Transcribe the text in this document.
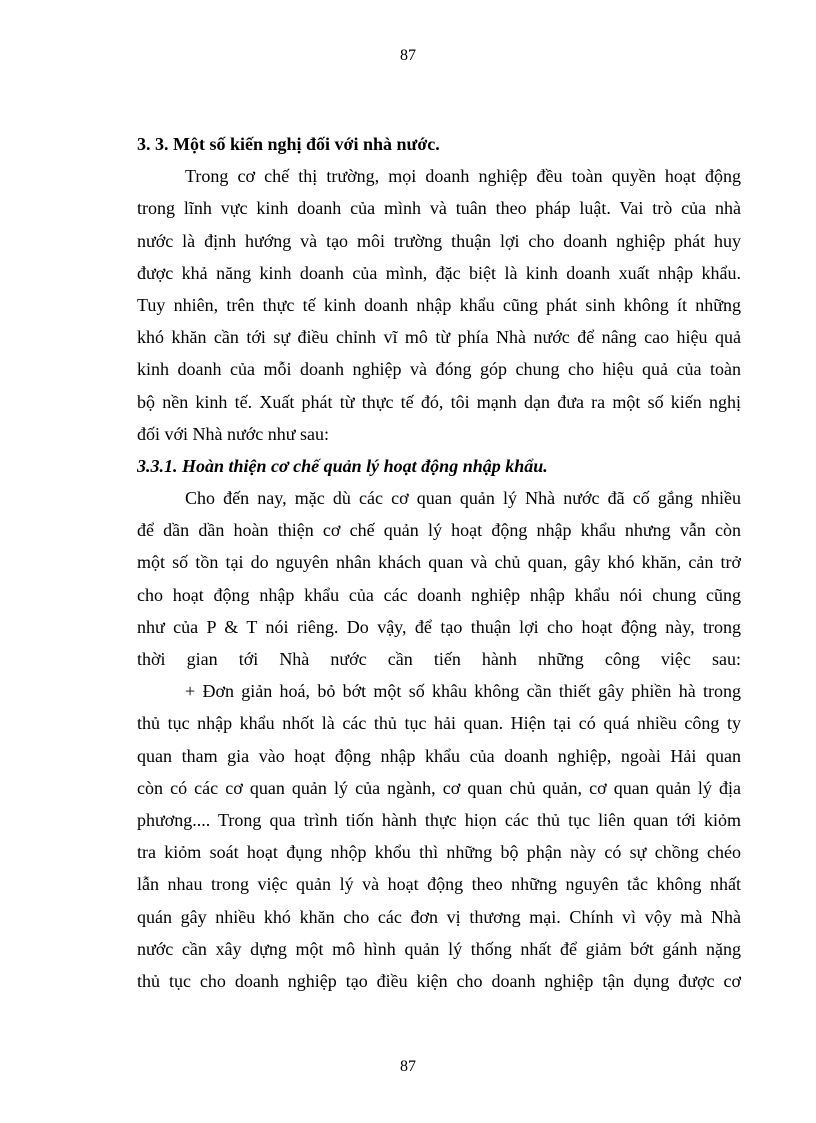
87
3. 3. Một số kiến nghị đối với nhà nước.
Trong cơ chế thị trường, mọi doanh nghiệp đều toàn quyền hoạt động
trong lĩnh vực kinh doanh của mình và tuân theo pháp luật. Vai trò của nhà
nước là định hướng và tạo môi trường thuận lợi cho doanh nghiệp phát huy
được khả năng kinh doanh của mình, đặc biệt là kinh doanh xuất nhập khẩu.
Tuy nhiên, trên thực tế kinh doanh nhập khẩu cũng phát sinh không ít những
khó khăn cần tới sự điều chỉnh vĩ mô từ phía Nhà nước để nâng cao hiệu quả
kinh doanh của mỗi doanh nghiệp và đóng góp chung cho hiệu quả của toàn
bộ nền kinh tế. Xuất phát từ thực tế đó, tôi mạnh dạn đưa ra một số kiến nghị
đối với Nhà nước như sau:
3.3.1. Hoàn thiện cơ chế quản lý hoạt động nhập khẩu.
Cho đến nay, mặc dù các cơ quan quản lý Nhà nước đã cố gắng nhiều
để dần dần hoàn thiện cơ chế quản lý hoạt động nhập khẩu nhưng vẫn còn
một số tồn tại do nguyên nhân khách quan và chủ quan, gây khó khăn, cản trở
cho hoạt động nhập khẩu của các doanh nghiệp nhập khẩu nói chung cũng
như của P & T nói riêng. Do vậy, để tạo thuận lợi cho hoạt động này, trong
thời gian tới Nhà nước cần tiến hành những công việc sau:
+ Đơn giản hoá, bỏ bớt một số khâu không cần thiết gây phiền hà trong
thủ tục nhập khẩu nhốt là các thủ tục hải quan. Hiện tại có quá nhiều công ty
quan tham gia vào hoạt động nhập khẩu của doanh nghiệp, ngoài Hải quan
còn có các cơ quan quản lý của ngành, cơ quan chủ quản, cơ quan quản lý địa
phương.... Trong qua trình tiốn hành thực hiọn các thủ tục liên quan tới kiỏm
tra kiỏm soát hoạt đụng nhộp khổu thì những bộ phận này có sự chồng chéo
lẫn nhau trong việc quản lý và hoạt động theo những nguyên tắc không nhất
quán gây nhiều khó khăn cho các đơn vị thương mại. Chính vì vộy mà Nhà
nước cần xây dựng một mô hình quản lý thống nhất để giảm bớt gánh nặng
thủ tục cho doanh nghiệp tạo điều kiện cho doanh nghiệp tận dụng được cơ
87
